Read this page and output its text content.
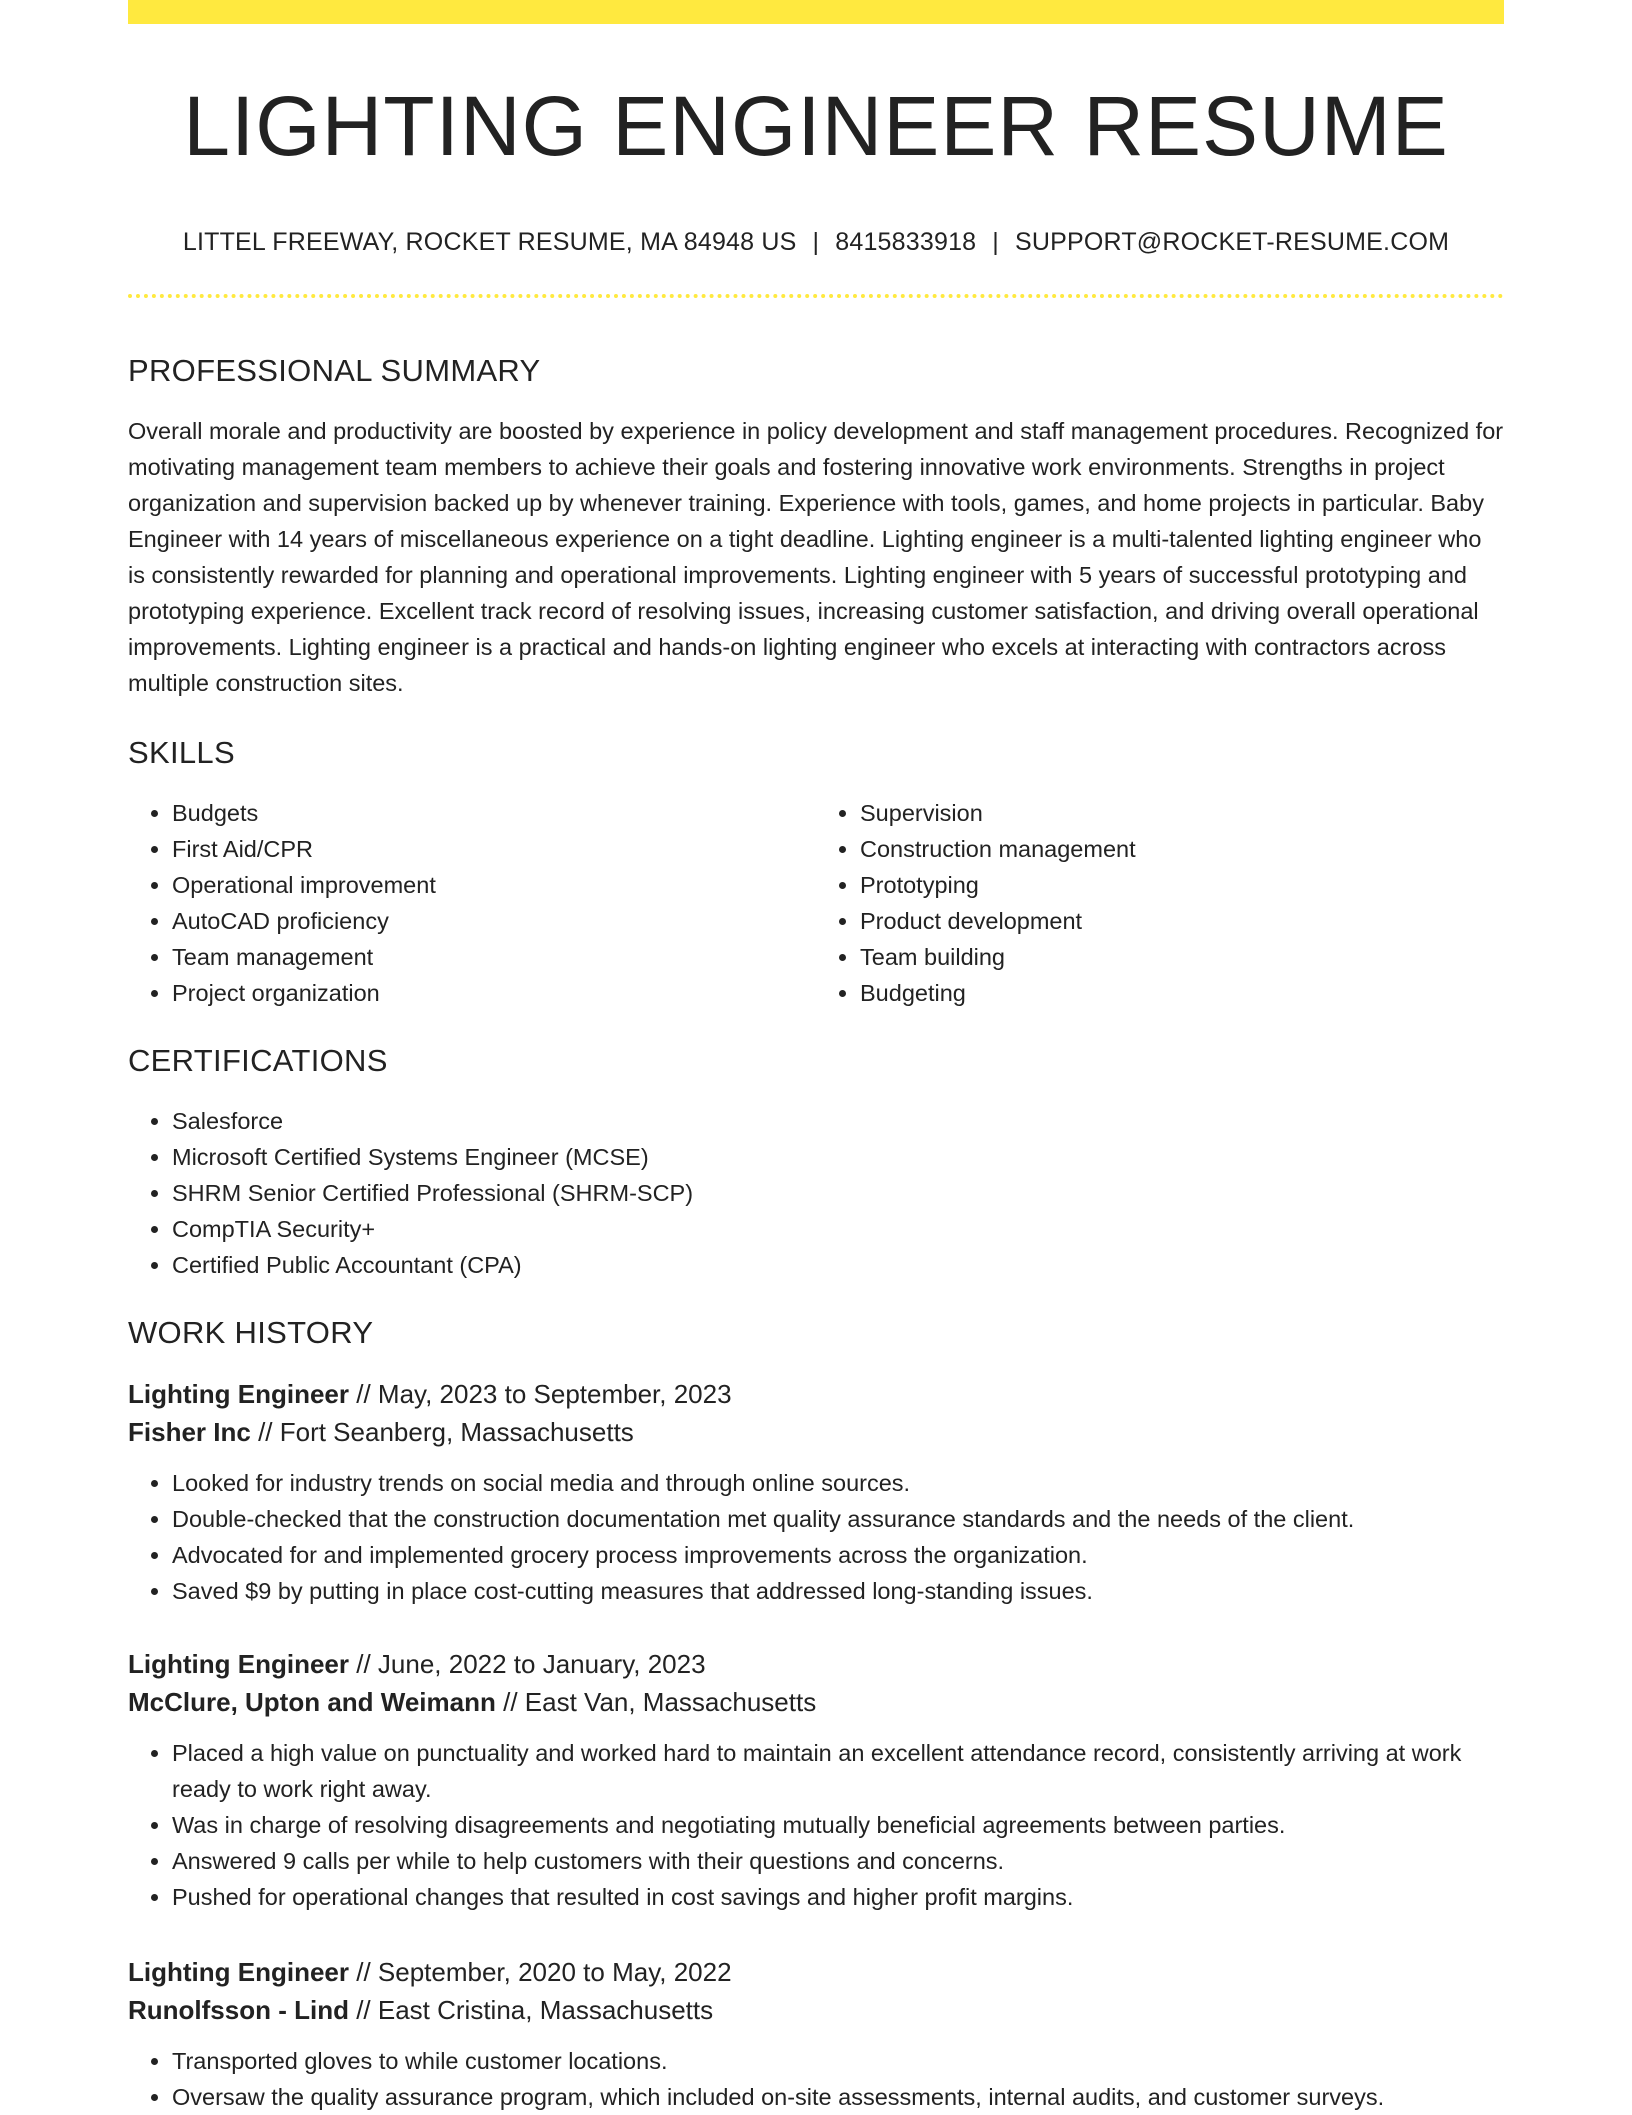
LIGHTING ENGINEER RESUME
LITTEL FREEWAY, ROCKET RESUME, MA 84948 US | 8415833918 | SUPPORT@ROCKET-RESUME.COM
PROFESSIONAL SUMMARY

Overall morale and productivity are boosted by experience in policy development and staff management procedures. Recognized for motivating management team members to achieve their goals and fostering innovative work environments. Strengths in project organization and supervision backed up by whenever training. Experience with tools, games, and home projects in particular. Baby Engineer with 14 years of miscellaneous experience on a tight deadline. Lighting engineer is a multi-talented lighting engineer who is consistently rewarded for planning and operational improvements. Lighting engineer with 5 years of successful prototyping and prototyping experience. Excellent track record of resolving issues, increasing customer satisfaction, and driving overall operational improvements. Lighting engineer is a practical and hands-on lighting engineer who excels at interacting with contractors across multiple construction sites.

SKILLS
• Budgets
• First Aid/CPR
• Operational improvement
• AutoCAD proficiency
• Team management
• Project organization
• Supervision
• Construction management
• Prototyping
• Product development
• Team building
• Budgeting
CERTIFICATIONS
• Salesforce
• Microsoft Certified Systems Engineer (MCSE)
• SHRM Senior Certified Professional (SHRM-SCP)
• CompTIA Security+
• Certified Public Accountant (CPA)
WORK HISTORY
Lighting Engineer // May, 2023 to September, 2023
Fisher Inc // Fort Seanberg, Massachusetts
• Looked for industry trends on social media and through online sources.
• Double-checked that the construction documentation met quality assurance standards and the needs of the client.
• Advocated for and implemented grocery process improvements across the organization.
• Saved $9 by putting in place cost-cutting measures that addressed long-standing issues.
Lighting Engineer // June, 2022 to January, 2023
McClure, Upton and Weimann // East Van, Massachusetts
• Placed a high value on punctuality and worked hard to maintain an excellent attendance record, consistently arriving at work ready to work right away.
• Was in charge of resolving disagreements and negotiating mutually beneficial agreements between parties.
• Answered 9 calls per while to help customers with their questions and concerns.
• Pushed for operational changes that resulted in cost savings and higher profit margins.
Lighting Engineer // September, 2020 to May, 2022
Runolfsson - Lind // East Cristina, Massachusetts
• Transported gloves to while customer locations.
• Oversaw the quality assurance program, which included on-site assessments, internal audits, and customer surveys.
